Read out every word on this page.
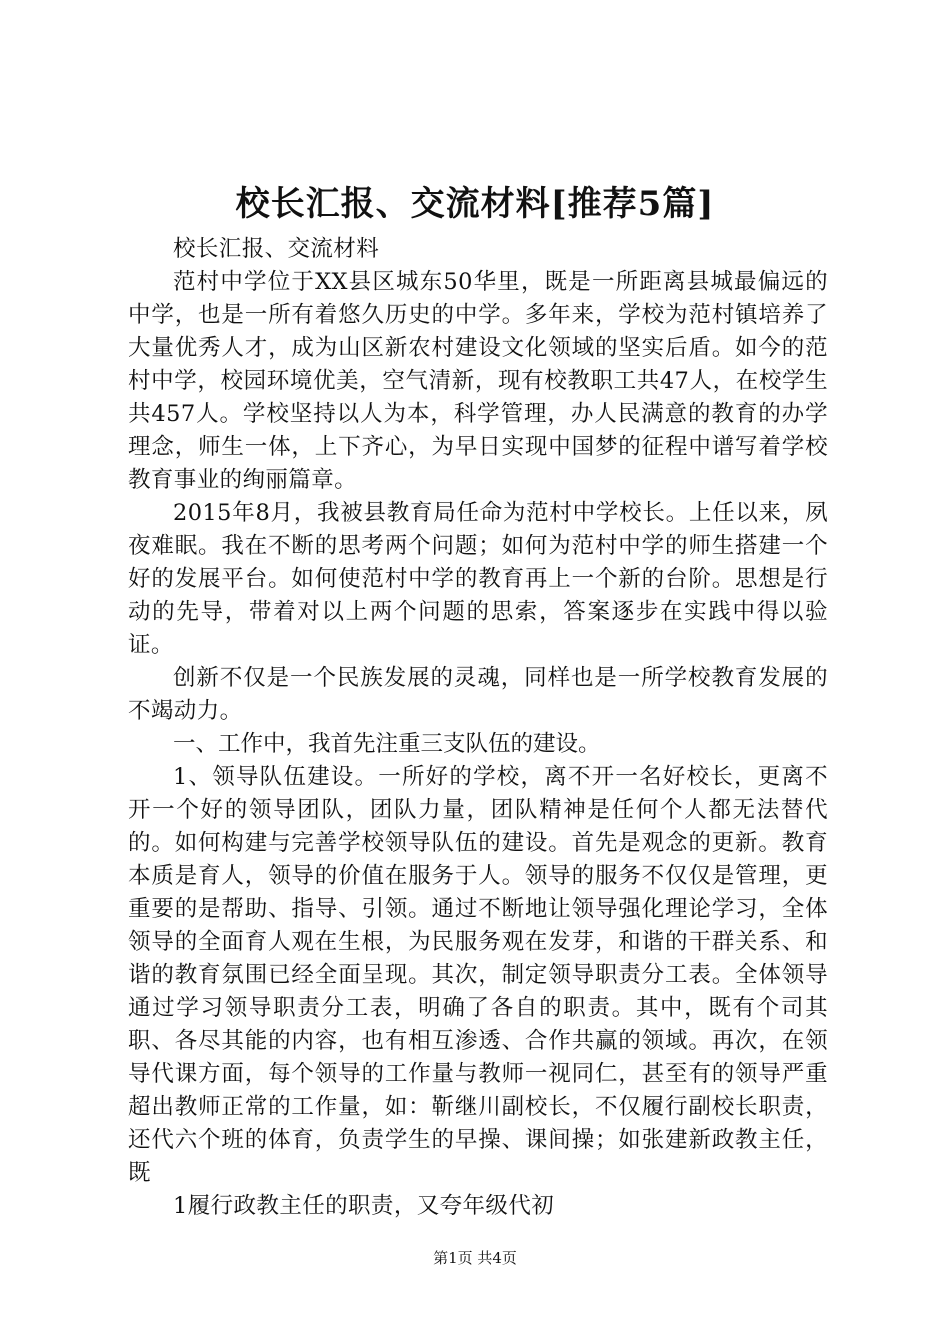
校长汇报、交流材料[推荐5篇]

校长汇报、交流材料

范村中学位于XX县区城东50华里，既是一所距离县城最偏远的中学，也是一所有着悠久历史的中学。多年来，学校为范村镇培养了大量优秀人才，成为山区新农村建设文化领域的坚实后盾。如今的范村中学，校园环境优美，空气清新，现有校教职工共47人，在校学生共457人。学校坚持以人为本，科学管理，办人民满意的教育的办学理念，师生一体，上下齐心，为早日实现中国梦的征程中谱写着学校教育事业的绚丽篇章。

2015年8月，我被县教育局任命为范村中学校长。上任以来，夙夜难眠。我在不断的思考两个问题；如何为范村中学的师生搭建一个好的发展平台。如何使范村中学的教育再上一个新的台阶。思想是行动的先导，带着对以上两个问题的思索，答案逐步在实践中得以验证。

创新不仅是一个民族发展的灵魂，同样也是一所学校教育发展的不竭动力。

一、工作中，我首先注重三支队伍的建设。

1、领导队伍建设。一所好的学校，离不开一名好校长，更离不开一个好的领导团队，团队力量，团队精神是任何个人都无法替代的。如何构建与完善学校领导队伍的建设。首先是观念的更新。教育本质是育人，领导的价值在服务于人。领导的服务不仅仅是管理，更重要的是帮助、指导、引领。通过不断地让领导强化理论学习，全体领导的全面育人观在生根，为民服务观在发芽，和谐的干群关系、和谐的教育氛围已经全面呈现。其次，制定领导职责分工表。全体领导通过学习领导职责分工表，明确了各自的职责。其中，既有个司其职、各尽其能的内容，也有相互渗透、合作共赢的领域。再次，在领导代课方面，每个领导的工作量与教师一视同仁，甚至有的领导严重超出教师正常的工作量，如：靳继川副校长，不仅履行副校长职责，还代六个班的体育，负责学生的早操、课间操；如张建新政教主任，既

1履行政教主任的职责，又夸年级代初

第1页 共4页
